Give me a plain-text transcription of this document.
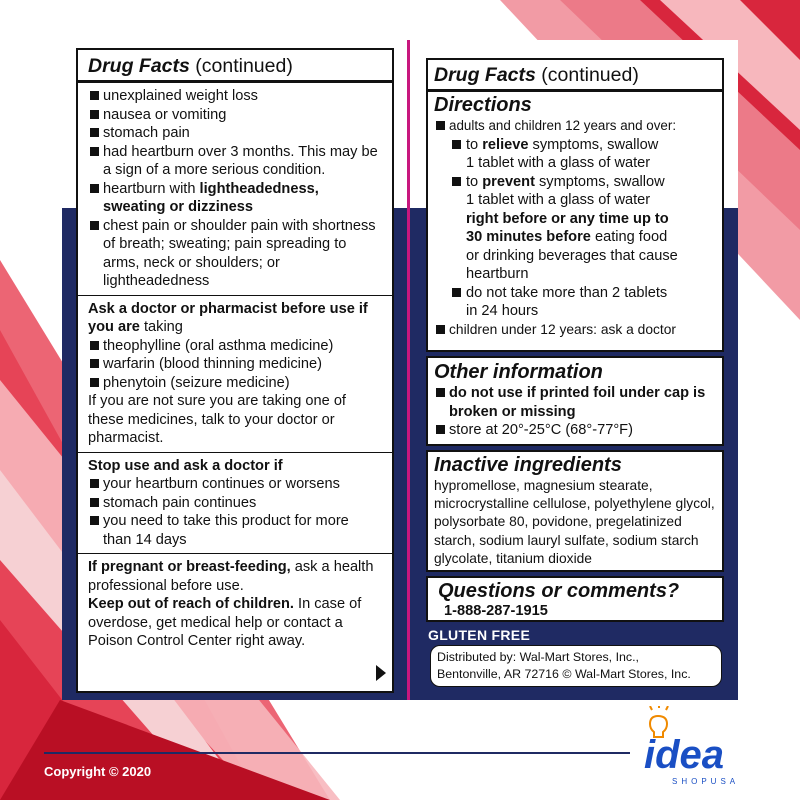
Drug Facts (continued)
unexplained weight loss
nausea or vomiting
stomach pain
had heartburn over 3 months. This may be a sign of a more serious condition.
heartburn with lightheadedness, sweating or dizziness
chest pain or shoulder pain with shortness of breath; sweating; pain spreading to arms, neck or shoulders; or lightheadedness
Ask a doctor or pharmacist before use if you are taking
theophylline (oral asthma medicine)
warfarin (blood thinning medicine)
phenytoin (seizure medicine)
If you are not sure you are taking one of these medicines, talk to your doctor or pharmacist.
Stop use and ask a doctor if
your heartburn continues or worsens
stomach pain continues
you need to take this product for more
than 14 days
If pregnant or breast-feeding, ask a health professional before use.
Keep out of reach of children. In case of overdose, get medical help or contact a Poison Control Center right away.
Drug Facts (continued)
Directions
adults and children 12 years and over:
to relieve symptoms, swallow
1 tablet with a glass of water
to prevent symptoms, swallow
1 tablet with a glass of water
right before or any time up to
30 minutes before eating food
or drinking beverages that cause
heartburn
do not take more than 2 tablets
in 24 hours
children under 12 years: ask a doctor
Other information
do not use if printed foil under cap is broken or missing
store at 20°-25°C (68°-77°F)
Inactive ingredients
hypromellose, magnesium stearate, microcrystalline cellulose, polyethylene glycol, polysorbate 80, povidone, pregelatinized starch, sodium lauryl sulfate, sodium starch glycolate, titanium dioxide
Questions or comments?
1-888-287-1915
GLUTEN FREE
Distributed by: Wal-Mart Stores, Inc.,
Bentonville, AR 72716 © Wal-Mart Stores, Inc.
Copyright © 2020	idea
SHOPUSA
